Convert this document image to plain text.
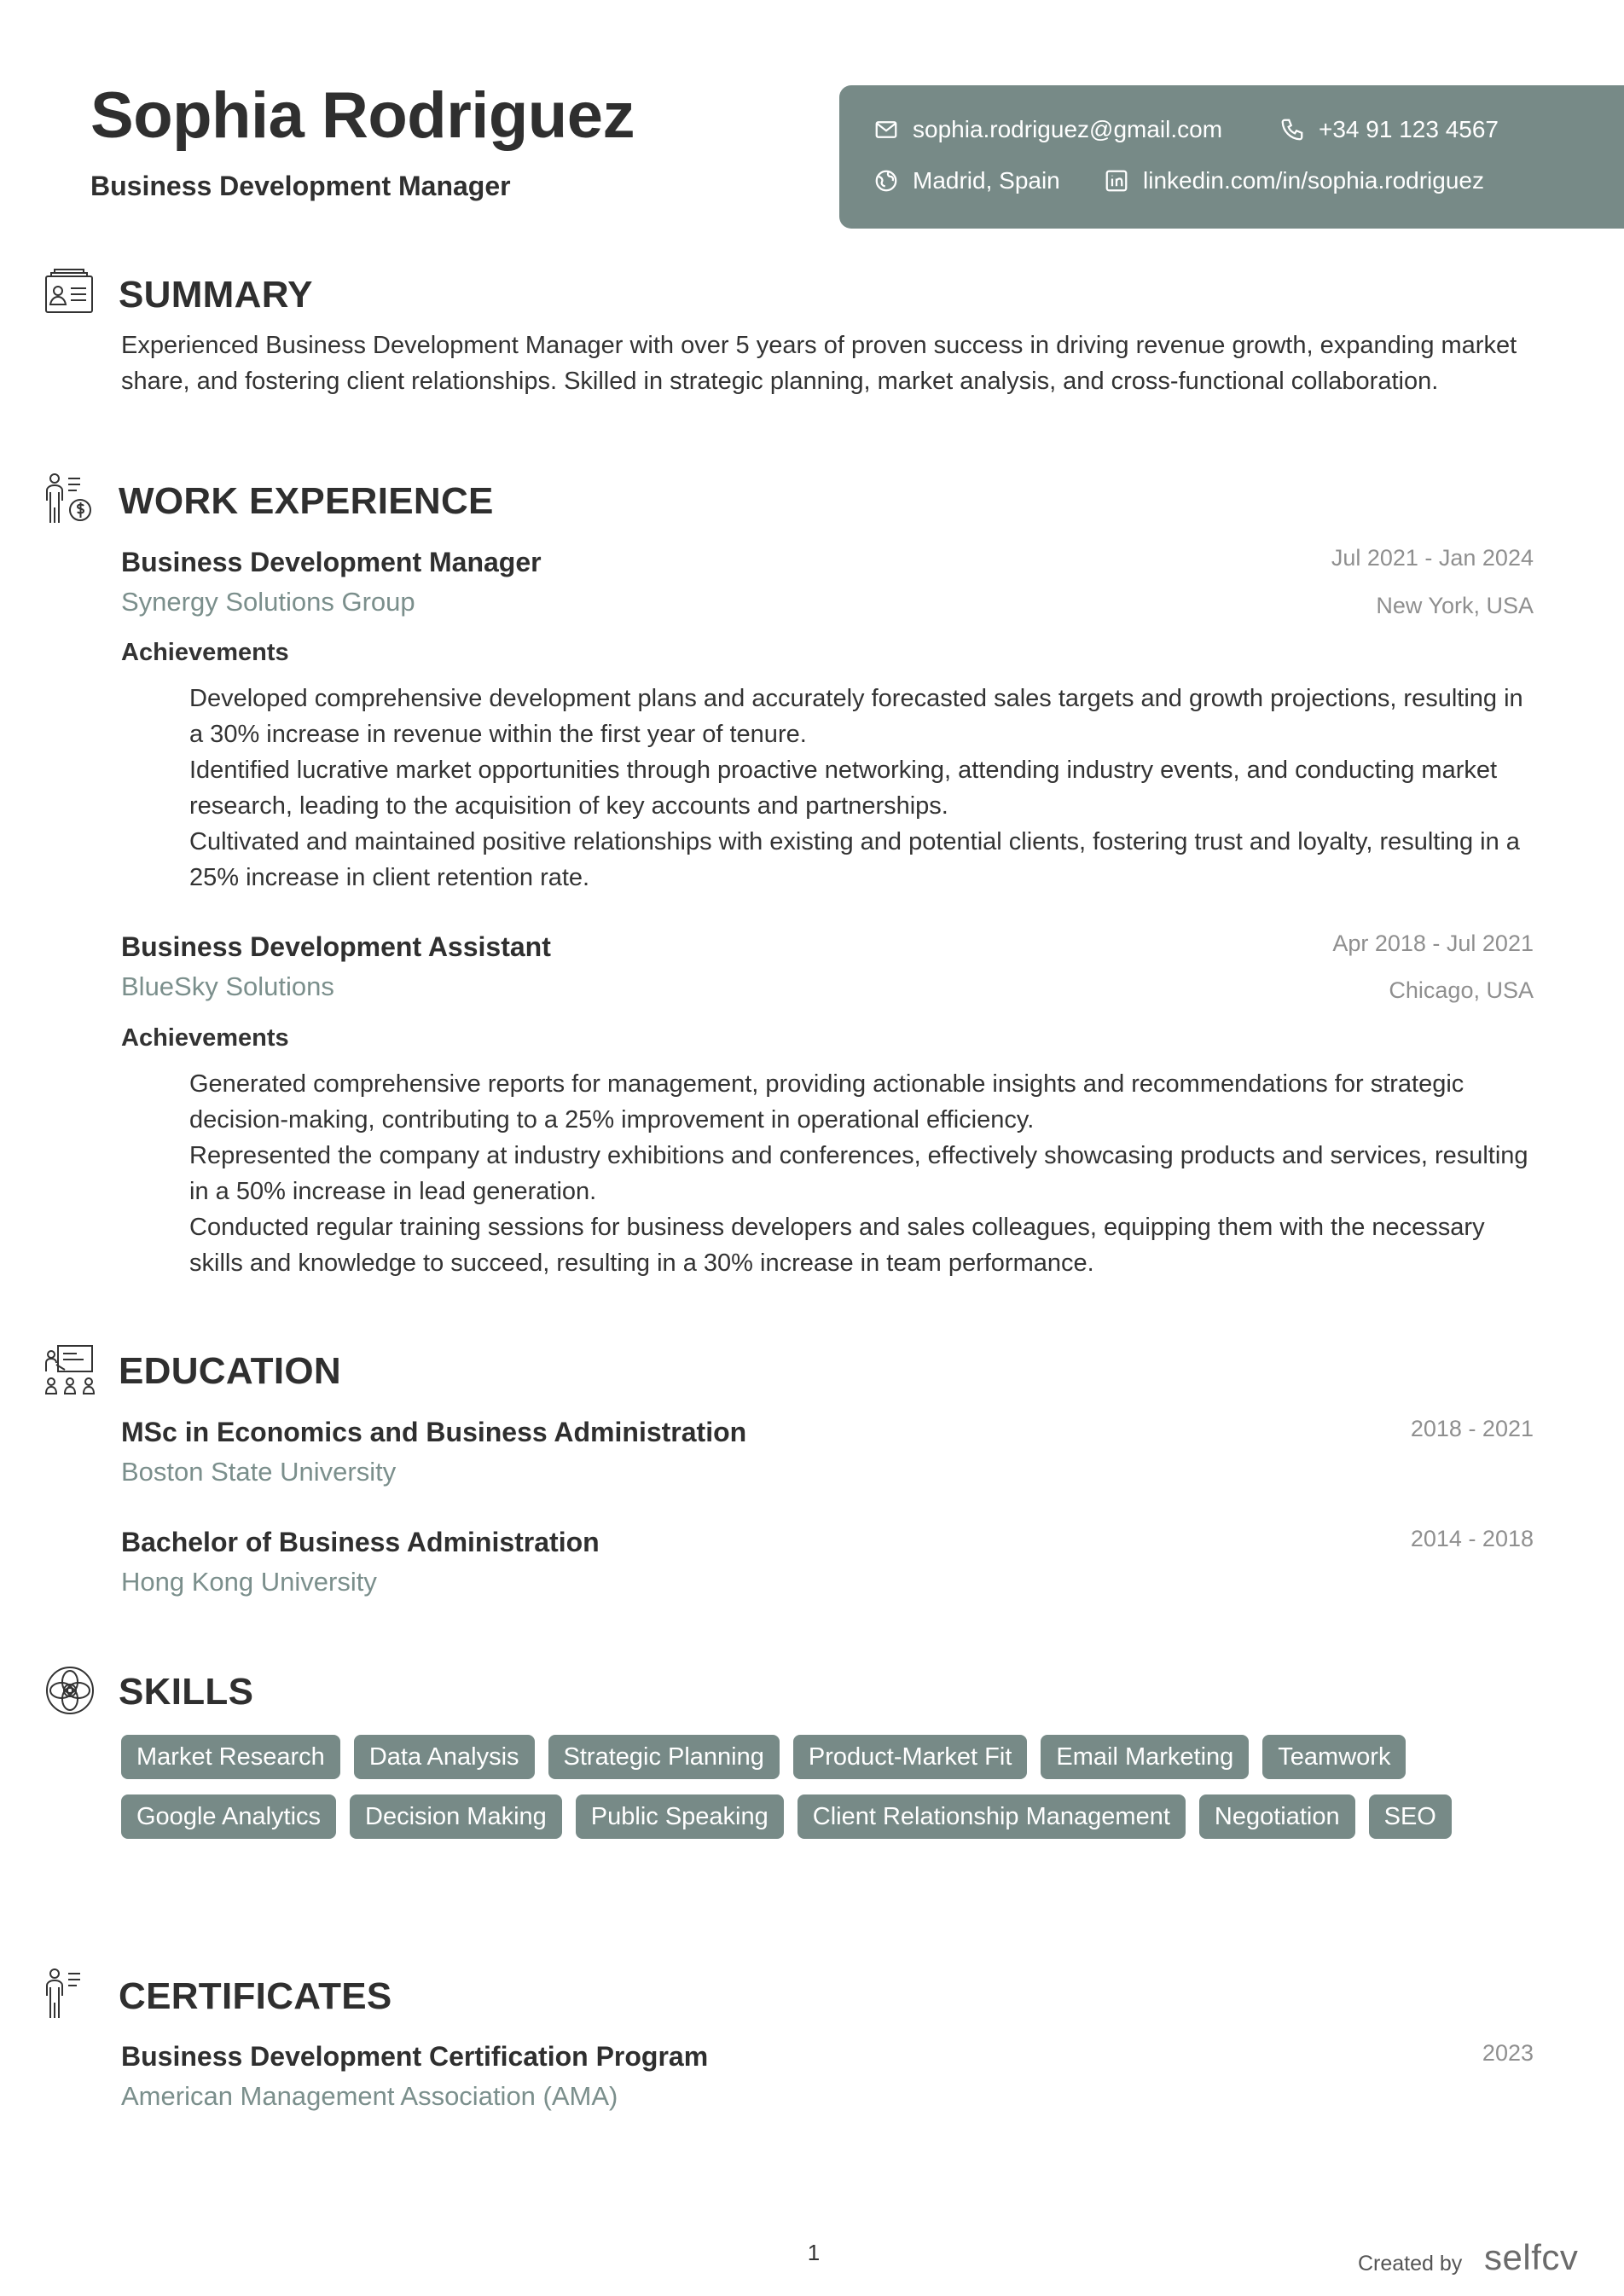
Sophia Rodriguez
Business Development Manager
sophia.rodriguez@gmail.com	+34 91 123 4567
Madrid, Spain	linkedin.com/in/sophia.rodriguez
SUMMARY
Experienced Business Development Manager with over 5 years of proven success in driving revenue growth, expanding market share, and fostering client relationships. Skilled in strategic planning, market analysis, and cross-functional collaboration.
WORK EXPERIENCE
Business Development Manager	Jul 2021 - Jan 2024
Synergy Solutions Group	New York, USA
Achievements
Developed comprehensive development plans and accurately forecasted sales targets and growth projections, resulting in a 30% increase in revenue within the first year of tenure.
Identified lucrative market opportunities through proactive networking, attending industry events, and conducting market research, leading to the acquisition of key accounts and partnerships.
Cultivated and maintained positive relationships with existing and potential clients, fostering trust and loyalty, resulting in a 25% increase in client retention rate.
Business Development Assistant	Apr 2018 - Jul 2021
BlueSky Solutions	Chicago, USA
Achievements
Generated comprehensive reports for management, providing actionable insights and recommendations for strategic decision-making, contributing to a 25% improvement in operational efficiency.
Represented the company at industry exhibitions and conferences, effectively showcasing products and services, resulting in a 50% increase in lead generation.
Conducted regular training sessions for business developers and sales colleagues, equipping them with the necessary skills and knowledge to succeed, resulting in a 30% increase in team performance.
EDUCATION
MSc in Economics and Business Administration	2018 - 2021
Boston State University
Bachelor of Business Administration	2014 - 2018
Hong Kong University
SKILLS
Market Research	Data Analysis	Strategic Planning	Product-Market Fit	Email Marketing	Teamwork
Google Analytics	Decision Making	Public Speaking	Client Relationship Management	Negotiation	SEO
CERTIFICATES
Business Development Certification Program	2023
American Management Association (AMA)
1	Created by selfcv
